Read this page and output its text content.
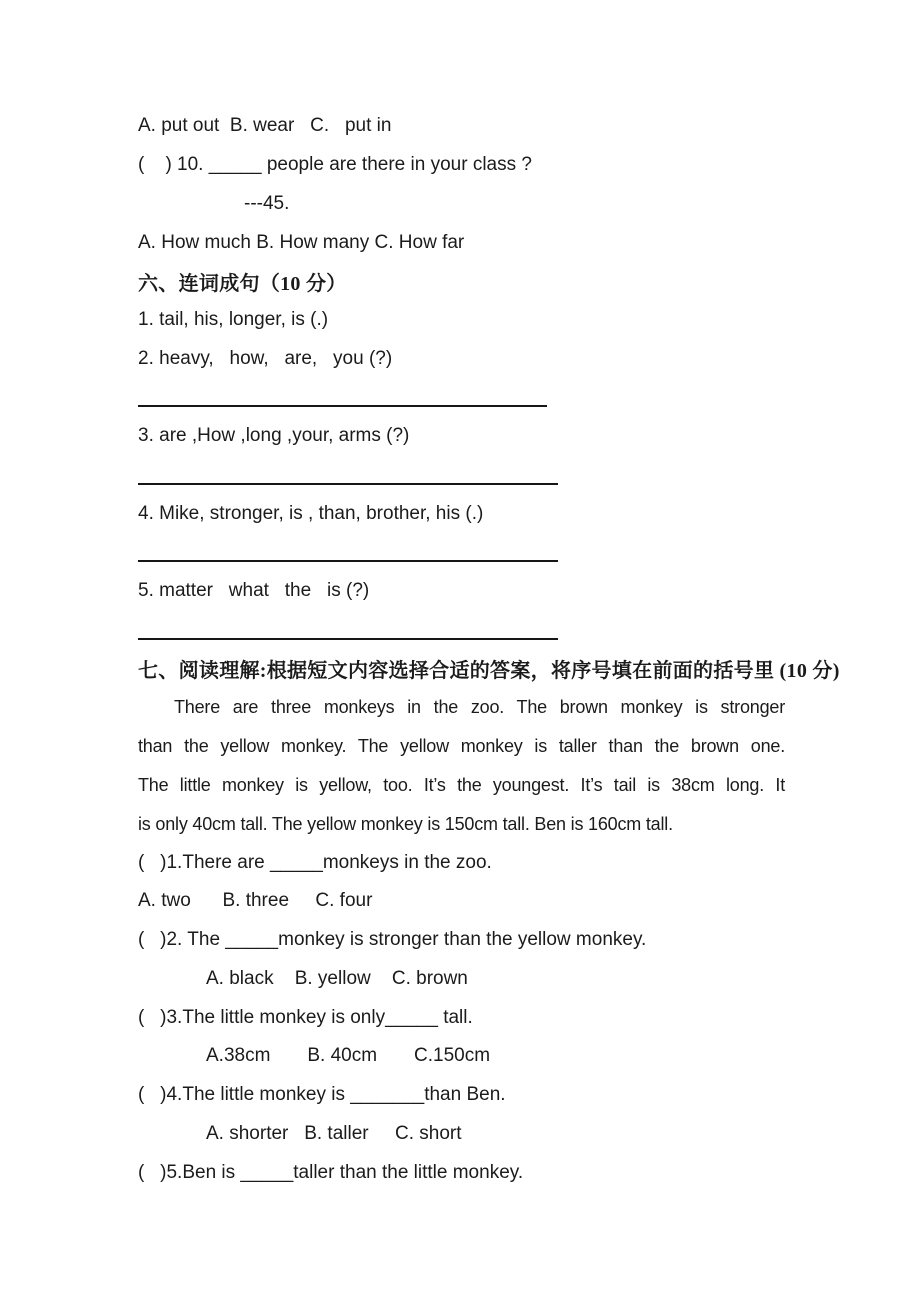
A. put out  B. wear   C.   put in
(    ) 10. _____ people are there in your class ?
---45.
A. How much B. How many C. How far
六、连词成句（10 分）
1. tail, his, longer, is (.)
2. heavy,   how,   are,   you (?)
3. are ,How ,long ,your, arms (?)
4. Mike, stronger, is , than, brother, his (.)
5. matter   what   the   is (?)
七、阅读理解:根据短文内容选择合适的答案，将序号填在前面的括号里 (10 分)
There are three monkeys in the zoo. The brown monkey is stronger
than the yellow monkey. The yellow monkey is taller than the brown one.
The little monkey is yellow, too. It’s the youngest. It’s tail is 38cm long. It
is only 40cm tall. The yellow monkey is 150cm tall. Ben is 160cm tall.
(   )1.There are _____monkeys in the zoo.
A. two      B. three     C. four
(   )2. The _____monkey is stronger than the yellow monkey.
A. black    B. yellow    C. brown
(   )3.The little monkey is only_____ tall.
A.38cm       B. 40cm       C.150cm
(   )4.The little monkey is _______than Ben.
A. shorter   B. taller     C. short
(   )5.Ben is _____taller than the little monkey.
